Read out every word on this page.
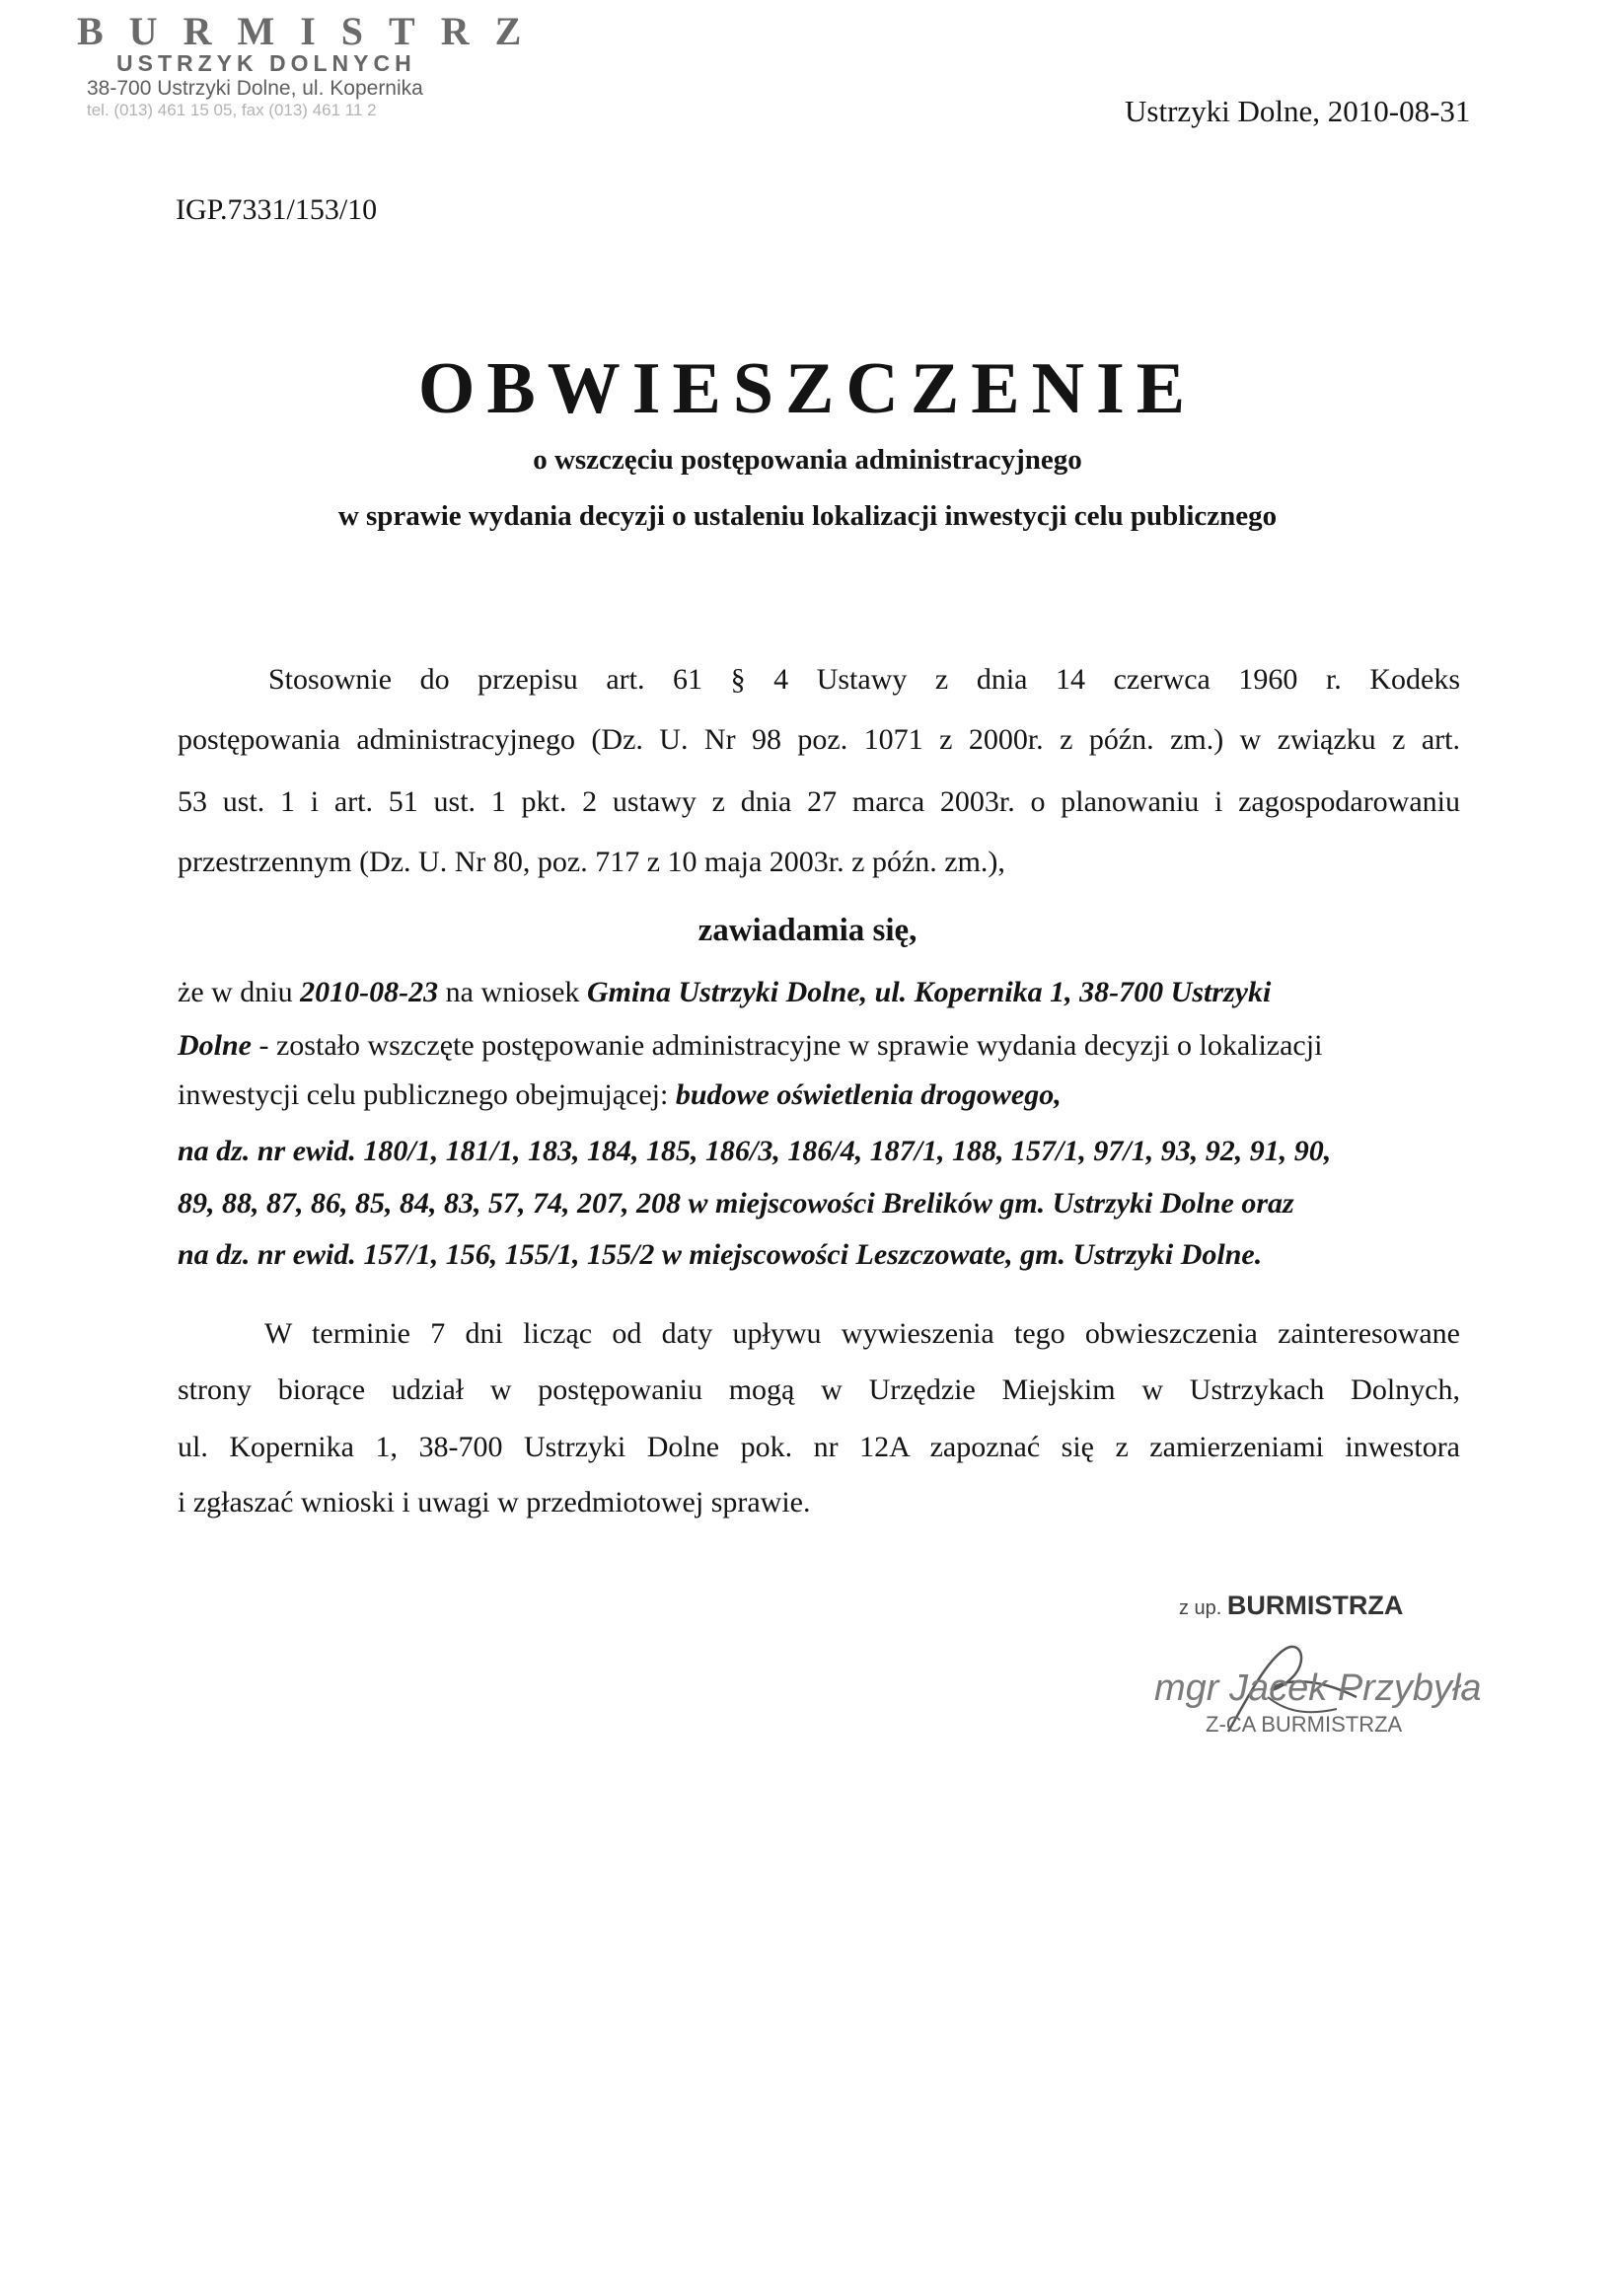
BURMISTRZ
USTRZYK DOLNYCH
38-700 Ustrzyki Dolne, ul. Kopernika
tel. (013) 461 15 05, fax (013) 461 11 2	Ustrzyki Dolne, 2010-08-31
IGP.7331/153/10
OBWIESZCZENIE
o wszczęciu postępowania administracyjnego
w sprawie wydania decyzji o ustaleniu lokalizacji inwestycji celu publicznego
Stosownie do przepisu art. 61 § 4 Ustawy z dnia 14 czerwca 1960 r. Kodeks
postępowania administracyjnego (Dz. U. Nr 98 poz. 1071 z 2000r. z późn. zm.) w związku z art.
53 ust. 1 i art. 51 ust. 1 pkt. 2 ustawy z dnia 27 marca 2003r. o planowaniu i zagospodarowaniu
przestrzennym (Dz. U. Nr 80, poz. 717 z 10 maja 2003r. z późn. zm.),
zawiadamia się,
że w dniu 2010-08-23 na wniosek Gmina Ustrzyki Dolne, ul. Kopernika 1, 38-700 Ustrzyki
Dolne - zostało wszczęte postępowanie administracyjne w sprawie wydania decyzji o lokalizacji
inwestycji celu publicznego obejmującej: budowe oświetlenia drogowego,
na dz. nr ewid. 180/1, 181/1, 183, 184, 185, 186/3, 186/4, 187/1, 188, 157/1, 97/1, 93, 92, 91, 90,
89, 88, 87, 86, 85, 84, 83, 57, 74, 207, 208 w miejscowości Brelików gm. Ustrzyki Dolne oraz
na dz. nr ewid. 157/1, 156, 155/1, 155/2 w miejscowości Leszczowate, gm. Ustrzyki Dolne.
W terminie 7 dni licząc od daty upływu wywieszenia tego obwieszczenia zainteresowane
strony biorące udział w postępowaniu mogą w Urzędzie Miejskim w Ustrzykach Dolnych,
ul. Kopernika 1, 38-700 Ustrzyki Dolne pok. nr 12A zapoznać się z zamierzeniami inwestora
i zgłaszać wnioski i uwagi w przedmiotowej sprawie.
z up. BURMISTRZA
mgr Jacek Przybyła
Z-CA BURMISTRZA
